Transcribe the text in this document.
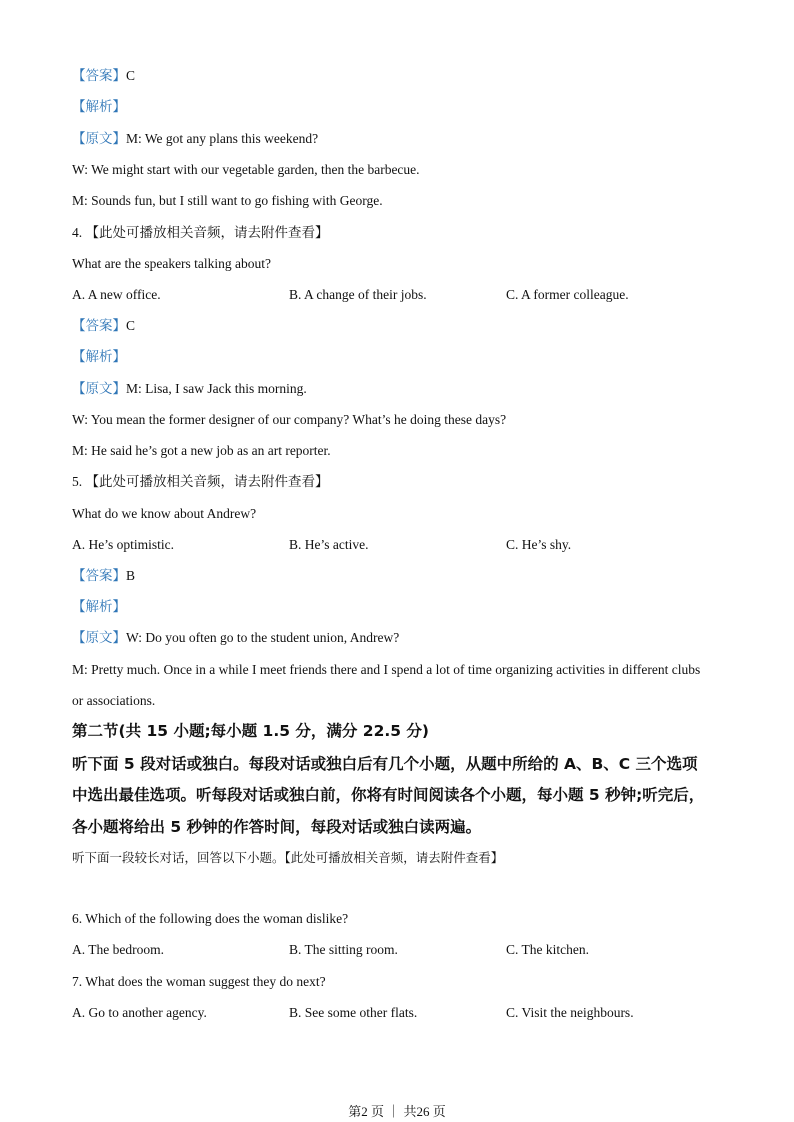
【答案】C
【解析】
【原文】M: We got any plans this weekend?
W: We might start with our vegetable garden, then the barbecue.
M: Sounds fun, but I still want to go fishing with George.
4. 【此处可播放相关音频，请去附件查看】
What are the speakers talking about?
A. A new office.	B. A change of their jobs.	C. A former colleague.
【答案】C
【解析】
【原文】M: Lisa, I saw Jack this morning.
W: You mean the former designer of our company? What’s he doing these days?
M: He said he’s got a new job as an art reporter.
5. 【此处可播放相关音频，请去附件查看】
What do we know about Andrew?
A. He’s optimistic.	B. He’s active.	C. He’s shy.
【答案】B
【解析】
【原文】W: Do you often go to the student union, Andrew?
M: Pretty much. Once in a while I meet friends there and I spend a lot of time organizing activities in different clubs
or associations.
第二节(共 15 小题;每小题 1.5 分，满分 22.5 分)
听下面 5 段对话或独白。每段对话或独白后有几个小题，从题中所给的 A、B、C 三个选项
中选出最佳选项。听每段对话或独白前，你将有时间阅读各个小题，每小题 5 秒钟;听完后，
各小题将给出 5 秒钟的作答时间，每段对话或独白读两遍。
听下面一段较长对话，回答以下小题。【此处可播放相关音频，请去附件查看】
6. Which of the following does the woman dislike?
A. The bedroom.	B. The sitting room.	C. The kitchen.
7. What does the woman suggest they do next?
A. Go to another agency.	B. See some other flats.	C. Visit the neighbours.
第2 页 ｜ 共26 页
